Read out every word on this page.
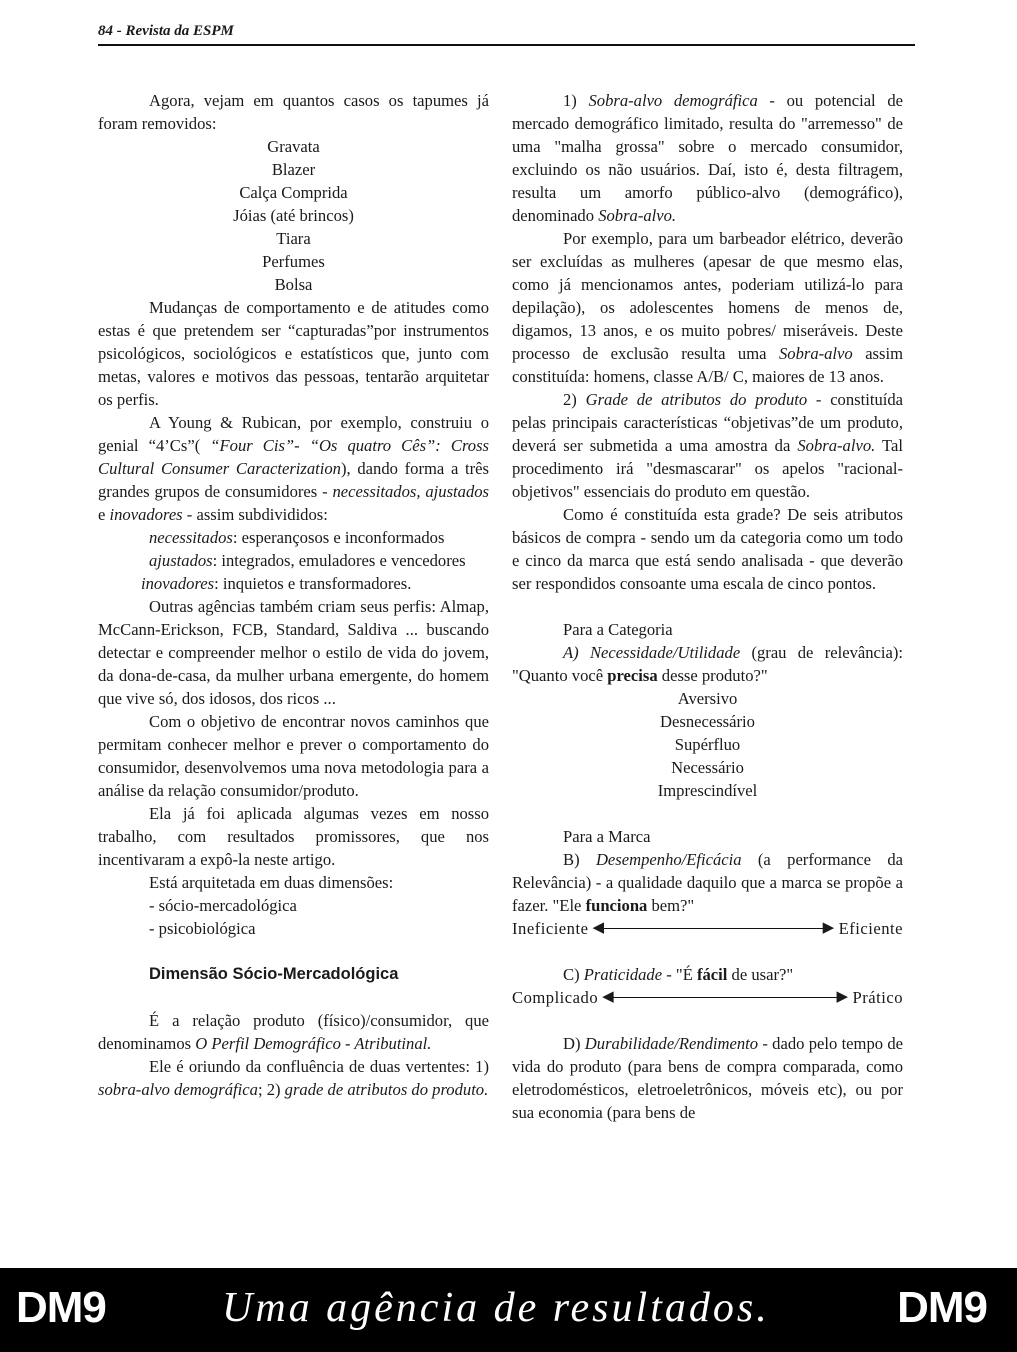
84 - Revista da ESPM

Agora, vejam em quantos casos os tapumes já foram removidos:

Gravata

Blazer

Calça Comprida

Jóias (até brincos)

Tiara

Perfumes

Bolsa

Mudanças de comportamento e de atitudes como estas é que pretendem ser “capturadas”por instrumentos psicológicos, sociológicos e estatísticos que, junto com metas, valores e motivos das pessoas, tentarão arquitetar os perfis.

A Young & Rubican, por exemplo, construiu o genial “4’Cs”( “Four Cis”- “Os quatro Cês”: Cross Cultural Consumer Caracterization), dando forma a três grandes grupos de consumidores - necessitados, ajustados e inovadores - assim subdivididos:

necessitados: esperançosos e inconformados

ajustados: integrados, emuladores e vencedores

inovadores: inquietos e transformadores.

Outras agências também criam seus perfis: Almap, McCann-Erickson, FCB, Standard, Saldiva ... buscando detectar e compreender melhor o estilo de vida do jovem, da dona-de-casa, da mulher urbana emergente, do homem que vive só, dos idosos, dos ricos ...

Com o objetivo de encontrar novos caminhos que permitam conhecer melhor e prever o comportamento do consumidor, desenvolvemos uma nova metodologia para a análise da relação consumidor/produto.

Ela já foi aplicada algumas vezes em nosso trabalho, com resultados promissores, que nos incentivaram a expô-la neste artigo.

Está arquitetada em duas dimensões:

- sócio-mercadológica

- psicobiológica

Dimensão Sócio-Mercadológica

É a relação produto (físico)/consumidor, que denominamos O Perfil Demográfico - Atributinal.

Ele é oriundo da confluência de duas vertentes: 1) sobra-alvo demográfica; 2) grade de atributos do produto.

1) Sobra-alvo demográfica - ou potencial de mercado demográfico limitado, resulta do "arremesso" de uma "malha grossa" sobre o mercado consumidor, excluindo os não usuários. Daí, isto é, desta filtragem, resulta um amorfo público-alvo (demográfico), denominado Sobra-alvo.

Por exemplo, para um barbeador elétrico, deverão ser excluídas as mulheres (apesar de que mesmo elas, como já mencionamos antes, poderiam utilizá-lo para depilação), os adolescentes homens de menos de, digamos, 13 anos, e os muito pobres/ miseráveis. Deste processo de exclusão resulta uma Sobra-alvo assim constituída: homens, classe A/B/ C, maiores de 13 anos.

2) Grade de atributos do produto - constituída pelas principais características “objetivas”de um produto, deverá ser submetida a uma amostra da Sobra-alvo. Tal procedimento irá "desmascarar" os apelos "racional-objetivos" essenciais do produto em questão.

Como é constituída esta grade? De seis atributos básicos de compra - sendo um da categoria como um todo e cinco da marca que está sendo analisada - que deverão ser respondidos consoante uma escala de cinco pontos.

Para a Categoria

A) Necessidade/Utilidade (grau de relevância): "Quanto você precisa desse produto?"

Aversivo

Desnecessário

Supérfluo

Necessário

Imprescindível

Para a Marca

B) Desempenho/Eficácia (a performance da Relevância) - a qualidade daquilo que a marca se propõe a fazer. "Ele funciona bem?"

Ineficiente ◀	▶ Eficiente

C) Praticidade - "É fácil de usar?"

Complicado ◀	▶ Prático

D) Durabilidade/Rendimento - dado pelo tempo de vida do produto (para bens de compra comparada, como eletrodomésticos, eletroeletrônicos, móveis etc), ou por sua economia (para bens de

DM9	Uma agência de resultados.	DM9
